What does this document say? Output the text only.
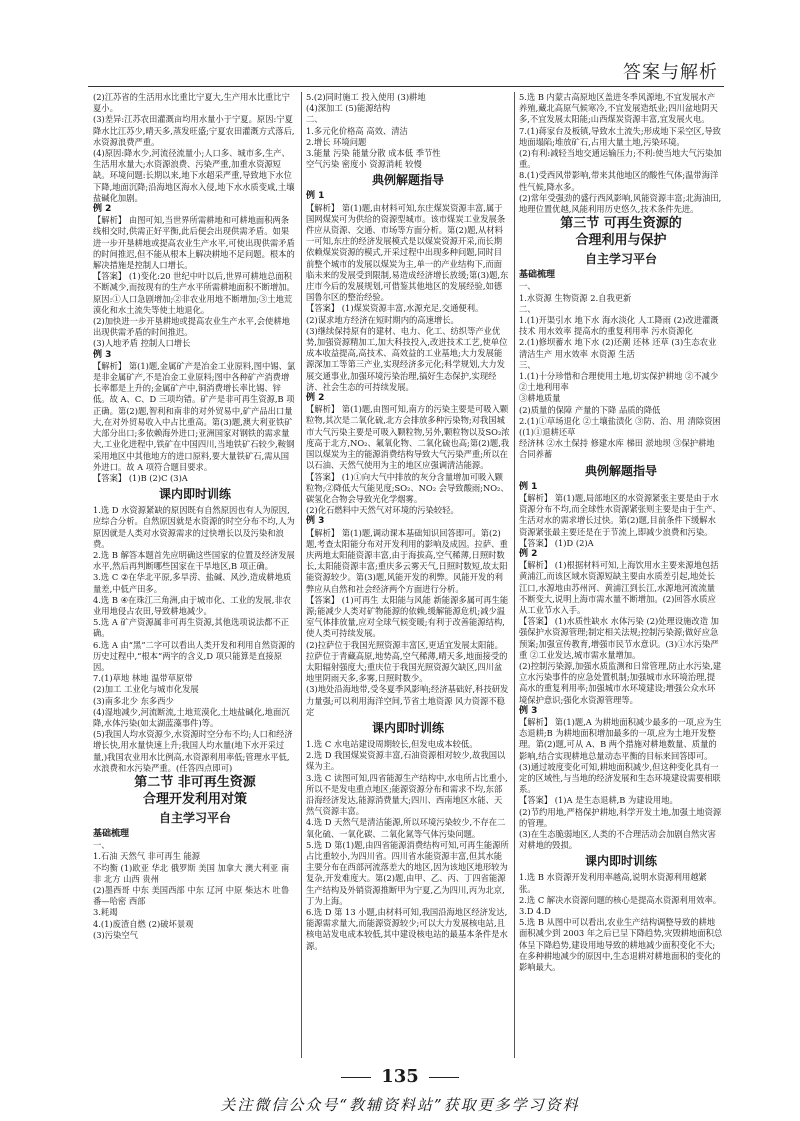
答案与解析

(2)江苏省的生活用水比重比宁夏大,生产用水比重比宁夏小。

(3)差异:江苏农田灌溉亩均用水量小于宁夏。原因:宁夏降水比江苏少,晴天多,蒸发旺盛;宁夏农田灌溉方式落后,水资源浪费严重。

(4)原因:降水少,河流径流量小;人口多、城市多,生产、生活用水量大;水资源浪费、污染严重,加重水资源短缺。环境问题:长期以来,地下水超采严重,导致地下水位下降,地面沉降;沿海地区海水入侵,地下水水质变咸,土壤盐碱化加剧。

例 2

【解析】 由图可知,当世界所需耕地和可耕地面积两条线相交时,供需正好平衡,此后便会出现供需矛盾。如果进一步开垦耕地或提高农业生产水平,可使出现供需矛盾的时间推迟,但不能从根本上解决耕地不足问题。根本的解决措施是控制人口增长。

【答案】 (1)变化:20 世纪中叶以后,世界可耕地总面积不断减少,而按现有的生产水平所需耕地面积不断增加。原因:①人口急剧增加;②非农业用地不断增加;③土地荒漠化和水土流失等使土地退化。

(2)加快进一步开垦耕地或提高农业生产水平,会使耕地出现供需矛盾的时间推迟。

(3)人地矛盾 控制人口增长

例 3

【解析】 第(1)题,金属矿产是冶金工业原料,图中锡、氯是非金属矿产,不是冶金工业原料;图中各种矿产消费增长率都是上升的;金属矿产中,铜消费增长率比锡、锌低。故 A、C、D 三项均错。矿产是非可再生资源,B 项正确。第(2)题,智利和南非的对外贸易中,矿产品出口量大,在对外贸易收入中占比重高。第(3)题,澳大利亚铁矿大部分出口;多依赖海外进口;亚洲国家对钢铁的需求量大,工业化进程中,铁矿在中国四川,当地铁矿石较少,鞍钢采用地区中其他地方的进口原料,要大量铁矿石,需从国外进口。故 A 项符合题目要求。

【答案】 (1)B (2)C (3)A

课内即时训练

1.选 D 水资源紧缺的原因既有自然原因也有人为原因,应综合分析。自然原因就是水资源的时空分布不均,人为原因就是人类对水资源需求的过快增长以及污染和浪费。

2.选 B 解答本题首先应明确这些国家的位置及经济发展水平,然后再判断哪些国家在干旱地区,B 项正确。

3.选 C ②在华北平原,多旱涝、盐碱、风沙,造成耕地质量差,中低产田多。

4.选 B ④在珠江三角洲,由于城市化、工业的发展,非农业用地侵占农田,导致耕地减少。

5.选 A 矿产资源属非可再生资源,其他选项说法都不正确。

6.选 A 由“黑”二字可以看出人类开发和利用自然资源的历史过程中,“根本”两字的含义,D 项只能算是直接原因。

7.(1)草地 林地 温带草原带

(2)加工 工业化与城市化发展

(3)南多北少 东多西少

(4)湿地减少,河流断流,土地荒漠化,土地盐碱化,地面沉降,水体污染(如太湖蓝藻事件)等。

(5)我国人均水资源少,水资源时空分布不均;人口和经济增长快,用水量快速上升;我国人均水量(地下水开采过量,)我国农业用水比例高,水资源利用率低;管理水平低,水浪费和水污染严重。(任答四点即可)

第二节 非可再生资源

合理开发利用对策

自主学习平台

基础梳理

一、

1.石油 天然气 非可再生 能源

不均衡 (1)欧亚 华北 俄罗斯 美国 加拿大 澳大利亚 南非 北方 山西 贵州

(2)墨西哥 中东 美国西部 中东 辽河 中原 柴达木 吐鲁番—哈密 西部

3.耗竭

4.(1)废渣自燃 (2)破坏景观

(3)污染空气

5.(2)同时施工 投入使用 (3)耕地

(4)深加工 (5)能源结构

二、

1.多元化价格高 高效、清洁

2.增长 环境问题

3.能量 污染 能量分散 成本低 季节性

空气污染 密度小 资源消耗 较慢

典例解题指导

例 1

【解析】 第(1)题,由材料可知,东庄煤炭资源丰富,属于国网煤炭可为供给的资源型城市。该市煤炭工业发展条件应从资源、交通、市场等方面分析。第(2)题,从材料一可知,东庄的经济发展模式是以煤炭资源开采,而长期依赖煤炭资源的模式,开采过程中出现多种问题,同时目前整个城市的发展以煤炭为主,单一的产业结构下,而面临未来的发展受到限制,易造成经济增长放缓;第(3)题,东庄市今后的发展规划,可借鉴其他地区的发展经验,如德国鲁尔区的整治经验。

【答案】 (1)煤炭资源丰富,水源充足,交通便利。

(2)谋求地方经济在短时期内的高速增长。

(3)继续保持原有的建材、电力、化工、纺织等产业优势,加强资源精加工,加大科技投入,改进技术工艺,使单位成本收益提高,高技术、高效益的工业基地;大力发展能源深加工等第三产业,实现经济多元化;科学规划,大力发展交通事业,加强环境污染治理,搞好生态保护,实现经济、社会生态的可持续发展。

例 2

【解析】 第(1)题,由图可知,南方的污染主要是可吸入颗粒物,其次是二氧化硫,北方会排放多种污染物;对我国城市大气污染主要是可吸入颗粒物,另外,颗粒物以及SO₂浓度高于北方,NO₂、氟氧化物、二氧化硫也高;第(2)题,我国以煤炭为主的能源消费结构导致大气污染严重;所以在以石油、天然气使用为主的地区应强调清洁能源。

【答案】 (1)①向大气中排放的灰分含量增加可吸入颗粒物;②降低大气能见度;SO₂、NO₂ 会导致酸雨;NO₂、碳氢化合物会导致光化学烟雾。

(2)化石燃料中天然气对环境的污染较轻。

例 3

【解析】 第(1)题,调动课本基础知识回答即可。第(2)题,考查太阳能分布对开发利用的影响及成因。拉萨、重庆两地太阳能资源丰富,由于海拔高,空气稀薄,日照时数长,太阳能资源丰富;重庆多云雾天气,日照时数短,故太阳能资源较少。第(3)题,风能开发的利弊。风能开发的利弊应从自然和社会经济两个方面进行分析。

【答案】 (1)可再生 太阳能与风能 新能源多属可再生能源;能减少人类对矿物能源的依赖,缓解能源危机;减少温室气体排放量,应对全球气候变暖;有利于改善能源结构,使人类可持续发展。

(2)拉萨位于我国光照资源丰富区,更适宜发展太阳能。拉萨位于青藏高原,地势高,空气稀薄,晴天多,地面接受的太阳辐射强度大;重庆位于我国光照资源欠缺区,四川盆地里阴雨天多,多雾,日照时数少。

(3)地处沿海地带,受冬夏季风影响;经济基础好,科技研发力量强;可以利用海洋空间,节省土地资源 风力资源不稳定

课内即时训练

1.选 C 水电站建设周期较长,但发电成本较低。

2.选 D 我国煤炭资源丰富,石油资源相对较少,故我国以煤为主。

3.选 C 读图可知,四省能源生产结构中,水电所占比重小,所以不是发电重点地区;能源资源分布和需求不均,东部沿海经济发达,能源消费量大;四川、西南地区水能、天然气资源丰富。

4.选 D 天然气是清洁能源,所以环境污染较少,不存在二氧化硫、一氧化碳、二氧化氮等气体污染问题。

5.选 D 第(1)题,由四省能源消费结构可知,可再生能源所占比重较小,为四川省。四川省水能资源丰富,但其水能主要分布在西部河流落差大的地区,因为该地区地形较为复杂,开发难度大。第(2)题,由甲、乙、丙、丁四省能源生产结构及外销资源推断甲为宁夏,乙为四川,丙为北京,丁为上海。

6.选 D 第 13 小题,由材料可知,我国沿海地区经济发达,能源需求量大,而能源资源较少;可以大力发展核电站,且核电站发电成本较低,其中建设核电站的最基本条件是水源。

5.选 B 内蒙古高原地区盖进冬季风源地,不宜发展水产养殖,藏北高原气候寒冷,不宜发展造纸业;四川盆地阴天多,不宜发展太阳能;山西煤炭资源丰富,宜发展火电。

7.(1)蒋家台及板镇,导致水土流失;形成地下采空区,导致地面塌陷;堆放矿石,占用大量土地,污染环境。

(2)有利:减轻当地交通运输压力;不利:使当地大气污染加重。

8.(1)受西风带影响,带来其他地区的酸性气体;温带海洋性气候,降水多。

(2)常年受强劲的盛行西风影响,风能资源丰富;北海油田,地理位置优越,风能利用历史悠久,技术条件先进。

第三节 可再生资源的

合理利用与保护

自主学习平台

基础梳理

一、

1.水资源 生物资源 2.自我更新

二、

1.(1)开渠引水 地下水 海水淡化 人工降雨 (2)改进灌溉技术 用水效率 提高水的重复利用率 污水资源化

2.(1)修坝蓄水 地下水 (2)还潮 还林 还草 (3)生态农业 清洁生产 用水效率 水资源 生活

三、

1.(1)十分珍惜和合理使用土地,切实保护耕地 ②不减少 ②土地利用率

③耕地质量

(2)质量的保障 产量的下降 品质的降低

2.(1)①草场退化 ②土壤盐渍化 ③防、治、用 清除资困 ((1)①退耕还草

经济林 ②水土保持 修建水库 梯田 淤地坝 ③保护耕地 合同养蓄

典例解题指导

例 1

【解析】 第(1)题,局部地区的水资源紧张主要是由于水资源分布不均,而全球性水资源紧张则主要是由于生产、生活对水的需求增长过快。第(2)题,目前条件下缓解水资源紧张最主要还是在于节流上,即减少浪费和污染。

【答案】 (1)D (2)A

例 2

【解析】 (1)根据材料可知,上海饮用水主要来源地包括黄浦江,而该区域水资源短缺主要由水质差引起,地处长江口,水源地由苏州河、黄浦江到长江,水源地河流流量不断变大,说明上海市需水量不断增加。(2)回答水质应从工业节水入手。

【答案】 (1)水质性缺水 水体污染 (2)处理设施改造 加强保护水资源管理;制定相关法规;控制污染源;做好应急预案;加强宣传教育,增强市民节水意识。(3)①水污染严重 ②工业发达,城市需水量增加。

(2)控制污染源,加强水质监测和日常管理,防止水污染,建立水污染事件的应急处置机制;加强城市水环境治理,提高水的重复利用率;加强城市水环境建设;增强公众水环境保护意识;强化水资源管理等。

例 3

【解析】 第(1)题,A 为耕地面积减少最多的一项,应为生态退耕;B 为耕地面积增加最多的一项,应为土地开发整理。第(2)题,可从 A、B 两个措施对耕地数量、质量的影响,结合实现耕地总量动态平衡的目标来回答即可。(3)通过坡度变化可知,耕地面积减少,但这种变化具有一定的区域性,与当地的经济发展和生态环境建设需要相联系。

【答案】 (1)A 是生态退耕,B 为建设用地。

(2)节约用地,严格保护耕地,科学开发土地,加强土地资源的管理。

(3)在生态脆弱地区,人类的不合理活动会加剧自然灾害对耕地的毁损。

课内即时训练

1.选 B 水资源开发利用率越高,说明水资源利用越紧张。

2.选 C 解决水资源问题的核心是提高水资源利用效率。

3.D 4.D

5.选 B 从图中可以看出,农业生产结构调整导致的耕地面积减少到 2003 年之后已呈下降趋势,灾毁耕地面积总体呈下降趋势,建设用地导致的耕地减少面积变化不大;在多种耕地减少的原因中,生态退耕对耕地面积的变化的影响最大。

135
关注微信公众号“教辅资料站”获取更多学习资料
